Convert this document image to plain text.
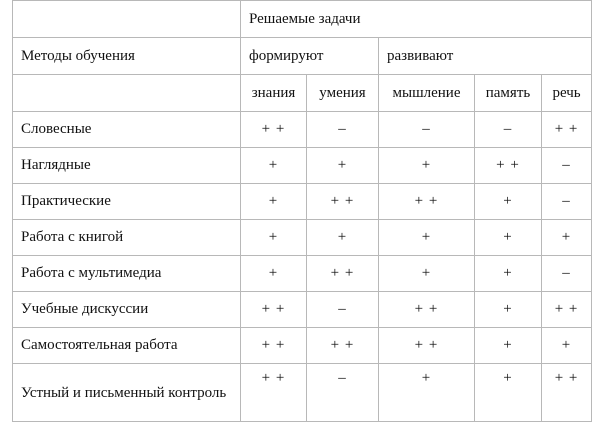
	Решаемые задачи				
Методы обучения	формируют		развивают		
	знания	умения	мышление	память	речь
Словесные	+ +	–	–	–	+ +
Наглядные	+	+	+	+ +	–
Практические	+	+ +	+ +	+	–
Работа с книгой	+	+	+	+	+
Работа с мультимедиа	+	+ +	+	+	–
Учебные дискуссии	+ +	–	+ +	+	+ +
Самостоятельная работа	+ +	+ +	+ +	+	+
Устный и письменный контроль	+ +	–	+	+	+ +
